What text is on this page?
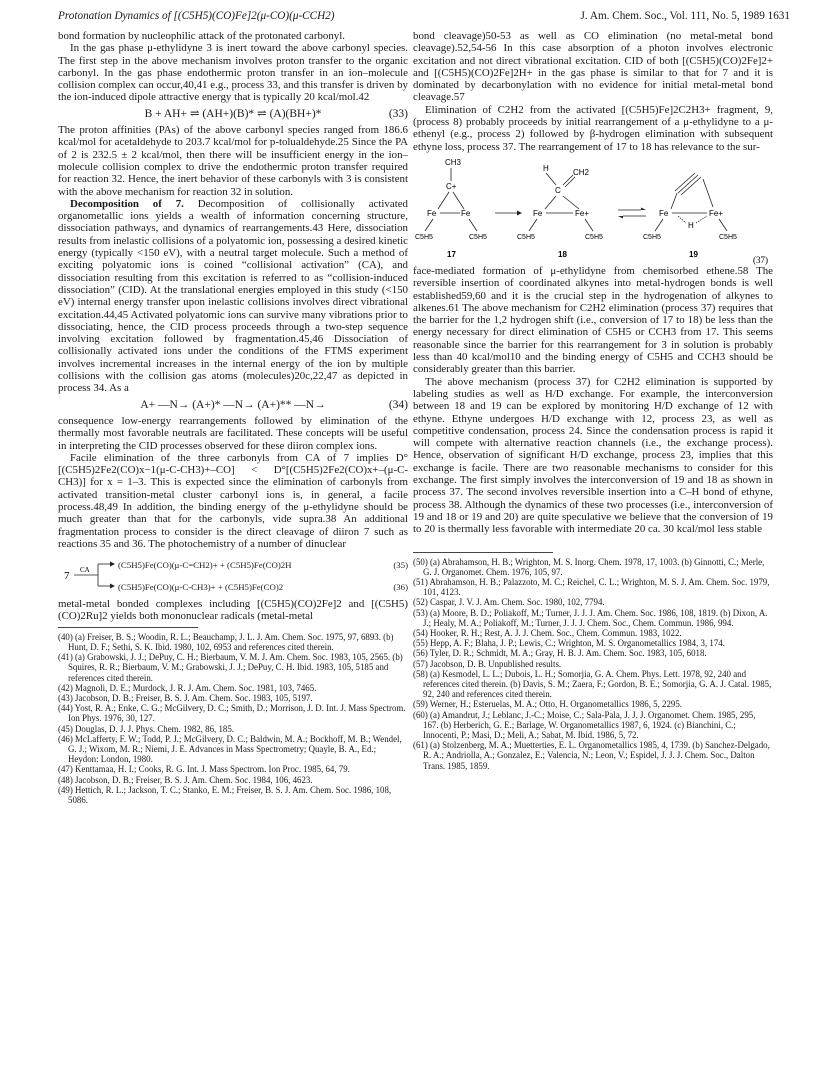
Protonation Dynamics of [(C5H5)(CO)Fe]2(μ-CO)(μ-CCH2)	J. Am. Chem. Soc., Vol. 111, No. 5, 1989 1631

bond formation by nucleophilic attack of the protonated carbonyl.

In the gas phase μ-ethylidyne 3 is inert toward the above carbonyl species. The first step in the above mechanism involves proton transfer to the organic carbonyl. In the gas phase endothermic proton transfer in an ion–molecule collision complex can occur,40,41 e.g., process 33, and this transfer is driven by the ion-induced dipole attractive energy that is typically 20 kcal/mol.42

B + AH+ ⇌ (AH+)(B)* ⇌ (A)(BH+)*	(33)

The proton affinities (PAs) of the above carbonyl species ranged from 186.6 kcal/mol for acetaldehyde to 203.7 kcal/mol for p-tolualdehyde.25 Since the PA of 2 is 232.5 ± 2 kcal/mol, then there will be insufficient energy in the ion–molecule collision complex to drive the endothermic proton transfer required for reaction 32. Hence, the inert behavior of these carbonyls with 3 is consistent with the above mechanism for reaction 32 in solution.

Decomposition of 7. Decomposition of collisionally activated organometallic ions yields a wealth of information concerning structure, dissociation pathways, and dynamics of rearrangements.43 Here, dissociation results from inelastic collisions of a polyatomic ion, possessing a desired kinetic energy (typically <150 eV), with a neutral target molecule. Such a method of exciting polyatomic ions is coined “collisional activation” (CA), and dissociation resulting from this excitation is referred to as “collision-induced dissociation” (CID). At the translational energies employed in this study (<150 eV) internal energy transfer upon inelastic collisions involves direct vibrational excitation.44,45 Activated polyatomic ions can survive many vibrations prior to dissociating, hence, the CID process proceeds through a two-step sequence involving excitation followed by fragmentation.45,46 Dissociation of collisionally activated ions under the conditions of the FTMS experiment involves incremental increases in the internal energy of the ion by multiple collisions with the collision gas atoms (molecules)20c,22,47 as depicted in process 34. As a

A+ —N→ (A+)* —N→ (A+)** —N→	(34)

consequence low-energy rearrangements followed by elimination of the thermally most favorable neutrals are facilitated. These concepts will be useful in interpreting the CID processes observed for these diiron complex ions.

Facile elimination of the three carbonyls from CA of 7 implies D°[(C5H5)2Fe2(CO)x−1(μ-C-CH3)+–CO] < D°[(C5H5)2Fe2(CO)x+–(μ-C-CH3)] for x = 1–3. This is expected since the elimination of carbonyls from activated transition-metal cluster carbonyl ions is, in general, a facile process.48,49 In addition, the binding energy of the μ-ethylidyne should be much greater than that for the carbonyls, vide supra.38 An additional fragmentation process to consider is the direct cleavage of diiron 7 such as reactions 35 and 36. The photochemistry of a number of dinuclear

7 CA	(C5H5)Fe(CO)(μ-C=CH2)+ + (C5H5)Fe(CO)2H	(35)
(C5H5)Fe(CO)(μ-C-CH3)+ + (C5H5)Fe(CO)2	(36)

metal-metal bonded complexes including [(C5H5)(CO)2Fe]2 and [(C5H5)(CO)2Ru]2 yields both mononuclear radicals (metal-metal

(40) (a) Freiser, B. S.; Woodin, R. L.; Beauchamp, J. L. J. Am. Chem. Soc. 1975, 97, 6893. (b) Hunt, D. F.; Sethi, S. K. Ibid. 1980, 102, 6953 and references cited therein.
(41) (a) Grabowski, J. J.; DePuy, C. H.; Bierbaum, V. M. J. Am. Chem. Soc. 1983, 105, 2565. (b) Squires, R. R.; Bierbaum, V. M.; Grabowski, J. J.; DePuy, C. H. Ibid. 1983, 105, 5185 and references cited therein.
(42) Magnoli, D. E.; Murdock, J. R. J. Am. Chem. Soc. 1981, 103, 7465.
(43) Jacobson, D. B.; Freiser, B. S. J. Am. Chem. Soc. 1983, 105, 5197.
(44) Yost, R. A.; Enke, C. G.; McGilvery, D. C.; Smith, D.; Morrison, J. D. Int. J. Mass Spectrom. Ion Phys. 1976, 30, 127.
(45) Douglas, D. J. J. Phys. Chem. 1982, 86, 185.
(46) McLafferty, F. W.; Todd, P. J.; McGilvery, D. C.; Baldwin, M. A.; Bockhoff, M. B.; Wendel, G. J.; Wixom, M. R.; Niemi, J. E. Advances in Mass Spectrometry; Quayle, B. A., Ed.; Heydon: London, 1980.
(47) Kenttamaa, H. I.; Cooks, R. G. Int. J. Mass Spectrom. Ion Proc. 1985, 64, 79.
(48) Jacobson, D. B.; Freiser, B. S. J. Am. Chem. Soc. 1984, 106, 4623.
(49) Hettich, R. L.; Jackson, T. C.; Stanko, E. M.; Freiser, B. S. J. Am. Chem. Soc. 1986, 108, 5086.

bond cleavage)50-53 as well as CO elimination (no metal-metal bond cleavage).52,54-56 In this case absorption of a photon involves electronic excitation and not direct vibrational excitation. CID of both [(C5H5)(CO)2Fe]2+ and [(C5H5)(CO)2Fe]2H+ in the gas phase is similar to that for 7 and it is dominated by decarbonylation with no evidence for initial metal-metal bond cleavage.57

Elimination of C2H2 from the activated [(C5H5)Fe]2C2H3+ fragment, 9, (process 8) probably proceeds by initial rearrangement of a μ-ethylidyne to a μ-ethenyl (e.g., process 2) followed by β-hydrogen elimination with subsequent ethyne loss, process 37. The rearrangement of 17 to 18 has relevance to the sur-

CH3
C+
Fe	Fe
C5H5	C5H5
17
H	CH2
C
Fe	Fe+
C5H5	C5H5
18
Fe	Fe+
H
C5H5	C5H5
19
(37)

face-mediated formation of μ-ethylidyne from chemisorbed ethene.58 The reversible insertion of coordinated alkynes into metal-hydrogen bonds is well established59,60 and it is the crucial step in the hydrogenation of alkynes to alkenes.61 The above mechanism for C2H2 elimination (process 37) requires that the barrier for the 1,2 hydrogen shift (i.e., conversion of 17 to 18) be less than the energy necessary for direct elimination of C5H5 or CCH3 from 17. This seems reasonable since the barrier for this rearrangement for 3 in solution is probably less than 40 kcal/mol10 and the binding energy of C5H5 and CCH3 should be considerably greater than this barrier.

The above mechanism (process 37) for C2H2 elimination is supported by labeling studies as well as H/D exchange. For example, the interconversion between 18 and 19 can be explored by monitoring H/D exchange of 12 with ethyne. Ethyne undergoes H/D exchange with 12, process 23, as well as competitive condensation, process 24. Since the condensation process is rapid it will compete with alternative reaction channels (i.e., the exchange process). Hence, observation of significant H/D exchange, process 23, implies that this exchange is facile. There are two reasonable mechanisms to consider for this exchange. The first simply involves the interconversion of 19 and 18 as shown in process 37. The second involves reversible insertion into a C–H bond of ethyne, process 38. Although the dynamics of these two processes (i.e., interconversion of 19 and 18 or 19 and 20) are quite speculative we believe that the conversion of 19 to 20 is thermally less favorable with intermediate 20 ca. 30 kcal/mol less stable

(50) (a) Abrahamson, H. B.; Wrighton, M. S. Inorg. Chem. 1978, 17, 1003. (b) Ginnotti, C.; Merle, G. J. Organomet. Chem. 1976, 105, 97.
(51) Abrahamson, H. B.; Palazzoto, M. C.; Reichel, C. L.; Wrighton, M. S. J. Am. Chem. Soc. 1979, 101, 4123.
(52) Caspar, J. V. J. Am. Chem. Soc. 1980, 102, 7794.
(53) (a) Moore, B. D.; Poliakoff, M.; Turner, J. J. J. Am. Chem. Soc. 1986, 108, 1819. (b) Dixon, A. J.; Healy, M. A.; Poliakoff, M.; Turner, J. J. J. Chem. Soc., Chem. Commun. 1986, 994.
(54) Hooker, R. H.; Rest, A. J. J. Chem. Soc., Chem. Commun. 1983, 1022.
(55) Hepp, A. F.; Blaha, J. P.; Lewis, C.; Wrighton, M. S. Organometallics 1984, 3, 174.
(56) Tyler, D. R.; Schmidt, M. A.; Gray, H. B. J. Am. Chem. Soc. 1983, 105, 6018.
(57) Jacobson, D. B. Unpublished results.
(58) (a) Kesmodel, L. L.; Dubois, L. H.; Somorjia, G. A. Chem. Phys. Lett. 1978, 92, 240 and references cited therein. (b) Davis, S. M.; Zaera, F.; Gordon, B. E.; Somorjia, G. A. J. Catal. 1985, 92, 240 and references cited therein.
(59) Werner, H.; Esteruelas, M. A.; Otto, H. Organometallics 1986, 5, 2295.
(60) (a) Amandrut, J.; Leblanc, J.-C.; Moise, C.; Sala-Pala, J. J. J. Organomet. Chem. 1985, 295, 167. (b) Herberich, G. E.; Barlage, W. Organometallics 1987, 6, 1924. (c) Bianchini, C.; Innocenti, P.; Masi, D.; Meli, A.; Sabat, M. Ibid. 1986, 5, 72.
(61) (a) Stolzenberg, M. A.; Muetterties, E. L. Organometallics 1985, 4, 1739. (b) Sanchez-Delgado, R. A.; Andriolla, A.; Gonzalez, E.; Valencia, N.; Leon, V.; Espidel, J. J. J. Chem. Soc., Dalton Trans. 1985, 1859.
